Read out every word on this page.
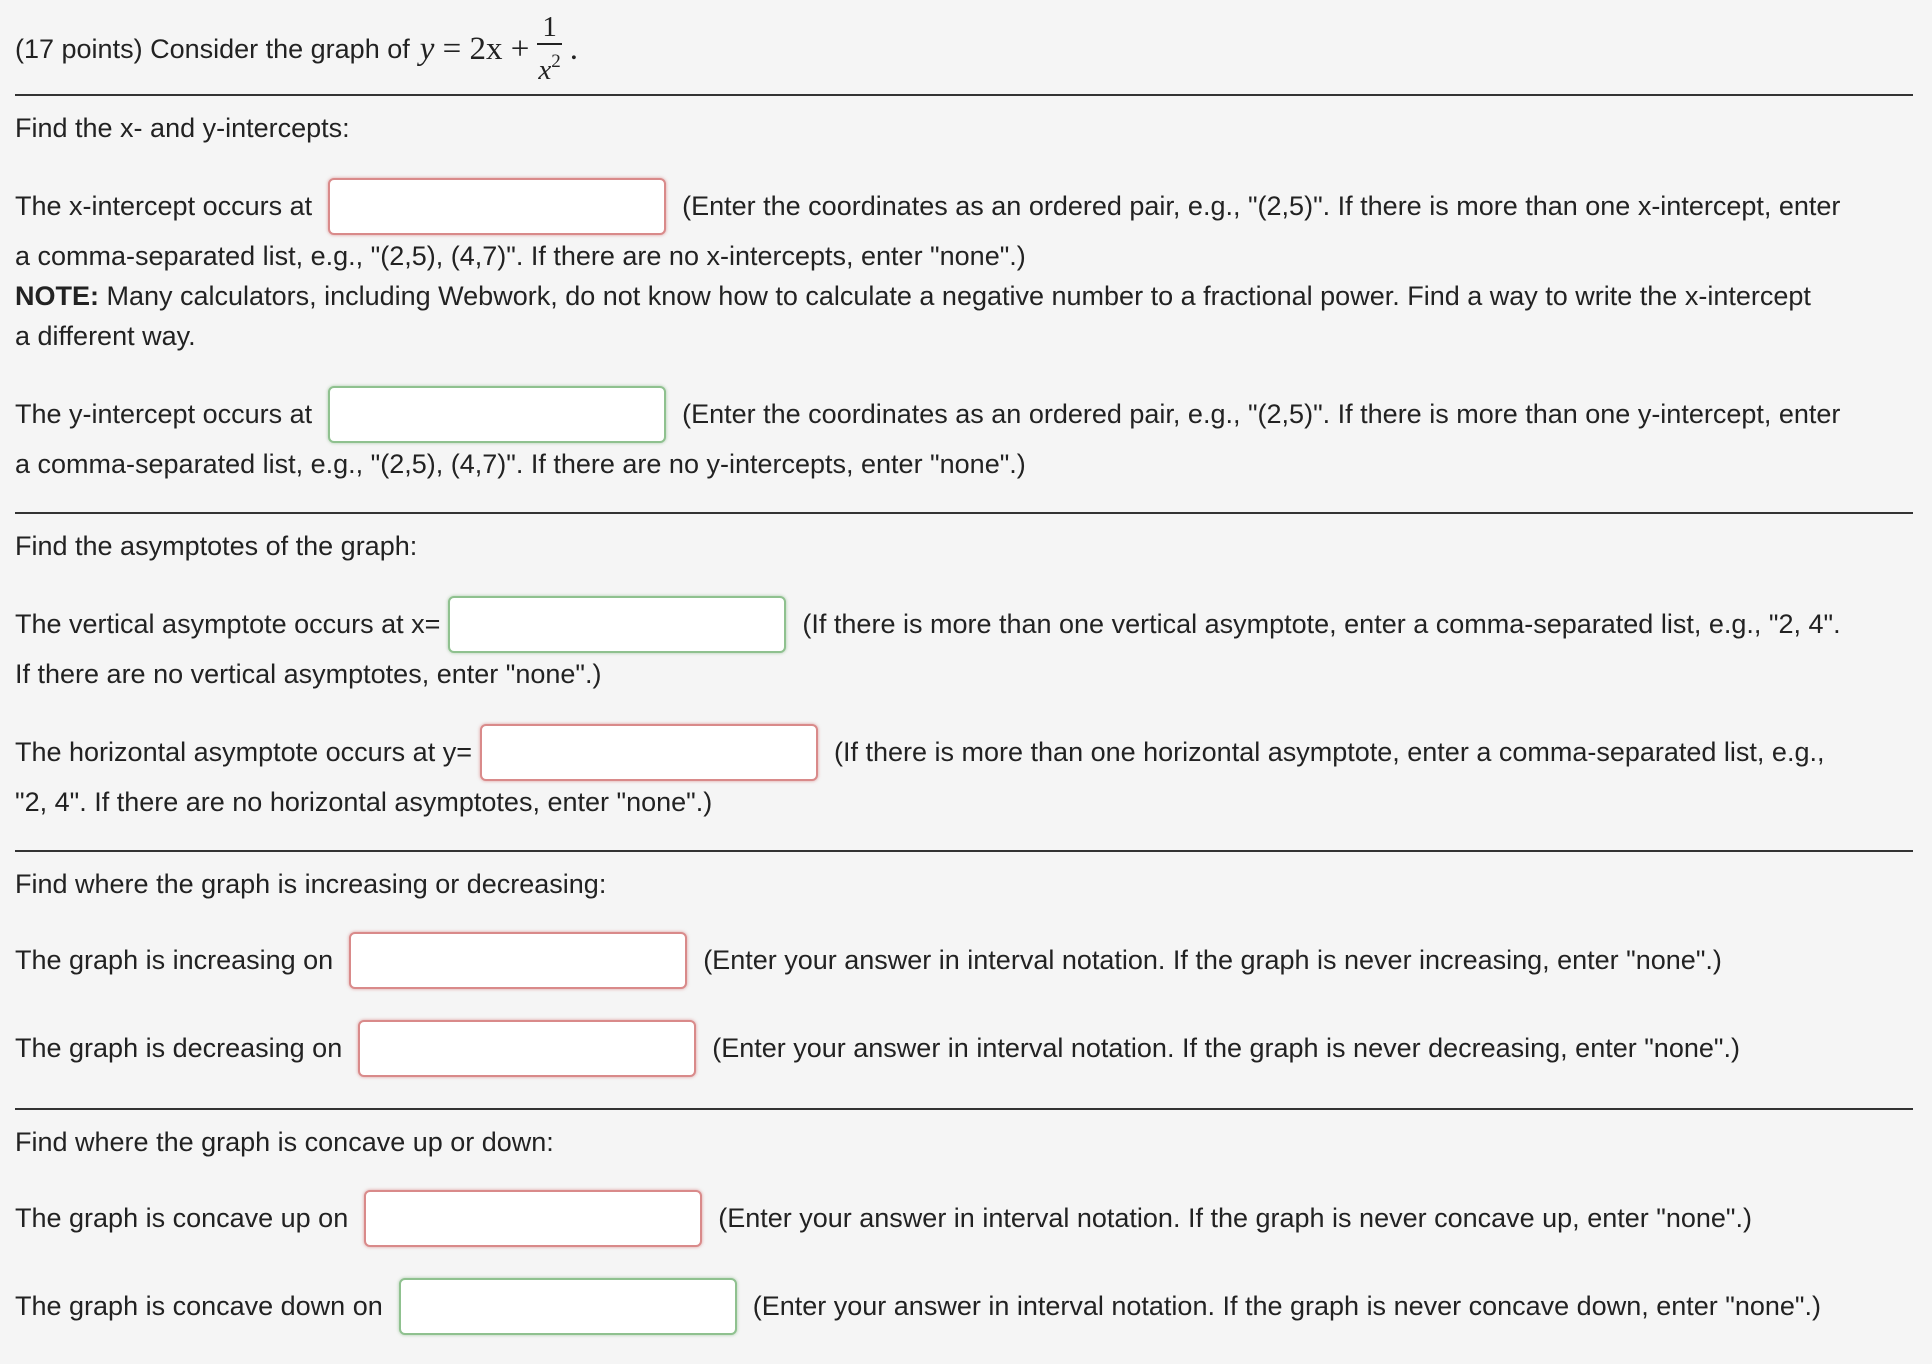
(17 points) Consider the graph of $y = 2x + \frac{1}{x^2}$ .
Find the x- and y-intercepts:
The x-intercept occurs at	(Enter the coordinates as an ordered pair, e.g., "(2,5)". If there is more than one x-intercept, enter
a comma-separated list, e.g., "(2,5), (4,7)". If there are no x-intercepts, enter "none".)
NOTE: Many calculators, including Webwork, do not know how to calculate a negative number to a fractional power. Find a way to write the x-intercept
a different way.
The y-intercept occurs at	(Enter the coordinates as an ordered pair, e.g., "(2,5)". If there is more than one y-intercept, enter
a comma-separated list, e.g., "(2,5), (4,7)". If there are no y-intercepts, enter "none".)
Find the asymptotes of the graph:
The vertical asymptote occurs at x=	(If there is more than one vertical asymptote, enter a comma-separated list, e.g., "2, 4".
If there are no vertical asymptotes, enter "none".)
The horizontal asymptote occurs at y=	(If there is more than one horizontal asymptote, enter a comma-separated list, e.g.,
"2, 4". If there are no horizontal asymptotes, enter "none".)
Find where the graph is increasing or decreasing:
The graph is increasing on	(Enter your answer in interval notation. If the graph is never increasing, enter "none".)
The graph is decreasing on	(Enter your answer in interval notation. If the graph is never decreasing, enter "none".)
Find where the graph is concave up or down:
The graph is concave up on	(Enter your answer in interval notation. If the graph is never concave up, enter "none".)
The graph is concave down on	(Enter your answer in interval notation. If the graph is never concave down, enter "none".)
